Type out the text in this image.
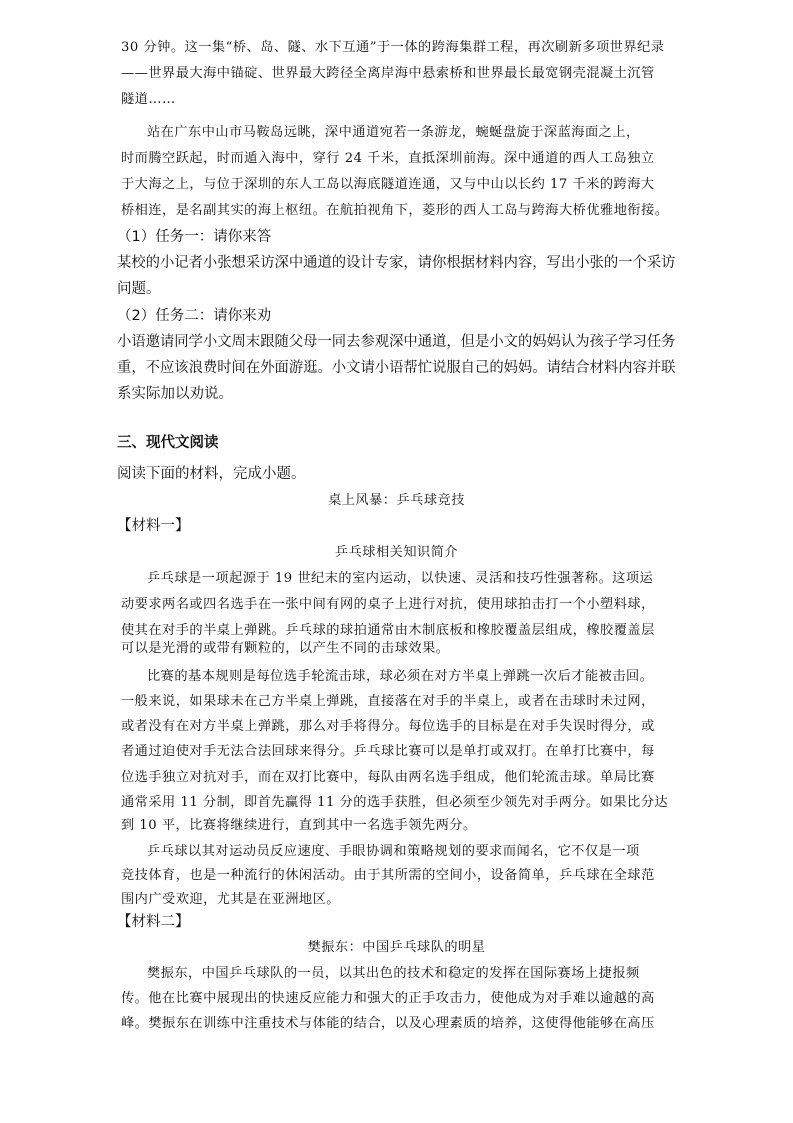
30 分钟。这一集“桥、岛、隧、水下互通”于一体的跨海集群工程，再次刷新多项世界纪录
——世界最大海中锚碇、世界最大跨径全离岸海中悬索桥和世界最长最宽钢壳混凝土沉管
隧道……
站在广东中山市马鞍岛远眺，深中通道宛若一条游龙，蜿蜒盘旋于深蓝海面之上，
时而腾空跃起，时而遁入海中，穿行 24 千米，直抵深圳前海。深中通道的西人工岛独立
于大海之上，与位于深圳的东人工岛以海底隧道连通，又与中山以长约 17 千米的跨海大
桥相连，是名副其实的海上枢纽。在航拍视角下，菱形的西人工岛与跨海大桥优雅地衔接。
（1）任务一：请你来答
某校的小记者小张想采访深中通道的设计专家，请你根据材料内容，写出小张的一个采访
问题。
（2）任务二：请你来劝
小语邀请同学小文周末跟随父母一同去参观深中通道，但是小文的妈妈认为孩子学习任务
重，不应该浪费时间在外面游逛。小文请小语帮忙说服自己的妈妈。请结合材料内容并联
系实际加以劝说。
三、现代文阅读
阅读下面的材料，完成小题。
桌上风暴：乒乓球竞技
【材料一】
乒乓球相关知识简介
乒乓球是一项起源于 19 世纪末的室内运动，以快速、灵活和技巧性强著称。这项运
动要求两名或四名选手在一张中间有网的桌子上进行对抗，使用球拍击打一个小塑料球，
使其在对手的半桌上弹跳。乒乓球的球拍通常由木制底板和橡胶覆盖层组成，橡胶覆盖层
可以是光滑的或带有颗粒的，以产生不同的击球效果。
比赛的基本规则是每位选手轮流击球，球必须在对方半桌上弹跳一次后才能被击回。
一般来说，如果球未在己方半桌上弹跳，直接落在对手的半桌上，或者在击球时未过网，
或者没有在对方半桌上弹跳，那么对手将得分。每位选手的目标是在对手失误时得分，或
者通过迫使对手无法合法回球来得分。乒乓球比赛可以是单打或双打。在单打比赛中，每
位选手独立对抗对手，而在双打比赛中，每队由两名选手组成，他们轮流击球。单局比赛
通常采用 11 分制，即首先赢得 11 分的选手获胜，但必须至少领先对手两分。如果比分达
到 10 平，比赛将继续进行，直到其中一名选手领先两分。
乒乓球以其对运动员反应速度、手眼协调和策略规划的要求而闻名，它不仅是一项
竞技体育，也是一种流行的休闲活动。由于其所需的空间小，设备简单，乒乓球在全球范
围内广受欢迎，尤其是在亚洲地区。
【材料二】
樊振东：中国乒乓球队的明星
樊振东，中国乒乓球队的一员，以其出色的技术和稳定的发挥在国际赛场上捷报频
传。他在比赛中展现出的快速反应能力和强大的正手攻击力，使他成为对手难以逾越的高
峰。樊振东在训练中注重技术与体能的结合，以及心理素质的培养，这使得他能够在高压
